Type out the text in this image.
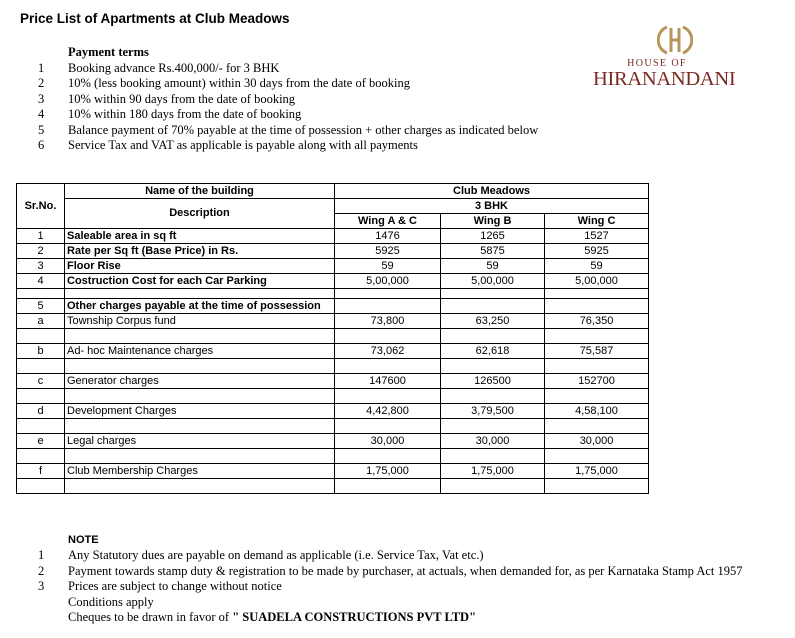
Price List of Apartments at Club Meadows
Payment terms
1	Booking advance Rs.400,000/- for 3 BHK
2	10% (less booking amount) within 30 days from the date of booking
3	10% within 90 days from the date of booking
4	10% within 180 days from the date of booking
5	Balance payment of 70% payable at the time of possession + other charges as indicated below
6	Service Tax and VAT as applicable is payable along with all payments
HOUSE OF
HIRANANDANI
Sr.No.	Name of the building	Club Meadows		
	Description	3 BHK		
		Wing A & C	Wing B	Wing C
1	Saleable area in sq ft	1476	1265	1527
2	Rate per Sq ft (Base Price) in Rs.	5925	5875	5925
3	Floor Rise	59	59	59
4	Costruction Cost for each Car Parking	5,00,000	5,00,000	5,00,000

5	Other charges payable at the time of possession			
a	Township Corpus fund	73,800	63,250	76,350

b	Ad- hoc Maintenance charges	73,062	62,618	75,587

c	Generator charges	147600	126500	152700

d	Development Charges	4,42,800	3,79,500	4,58,100

e	Legal charges	30,000	30,000	30,000

f	Club Membership Charges	1,75,000	1,75,000	1,75,000

NOTE
1 Any Statutory dues are payable on demand as applicable (i.e. Service Tax, Vat etc.)
2 Payment towards stamp duty & registration to be made by purchaser, at actuals, when demanded for, as per Karnataka Stamp Act 1957
3 Prices are subject to change without notice
Conditions apply
Cheques to be drawn in favor of " SUADELA CONSTRUCTIONS PVT LTD"
